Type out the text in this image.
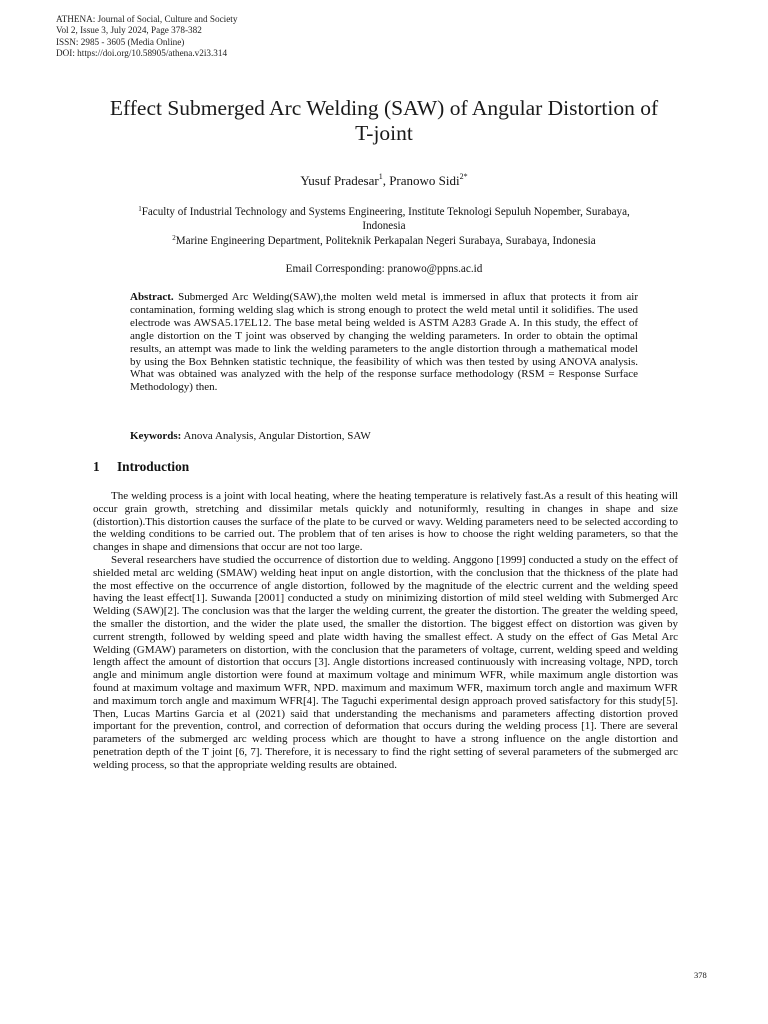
ATHENA: Journal of Social, Culture and Society
Vol 2, Issue 3, July 2024, Page 378-382
ISSN: 2985 - 3605 (Media Online)
DOI: https://doi.org/10.58905/athena.v2i3.314
Effect Submerged Arc Welding (SAW) of Angular Distortion of
T-joint
Yusuf Pradesar$^1$, Pranowo Sidi$^{2*}$
$^1$Faculty of Industrial Technology and Systems Engineering, Institute Teknologi Sepuluh Nopember, Surabaya,
Indonesia
$^2$Marine Engineering Department, Politeknik Perkapalan Negeri Surabaya, Surabaya, Indonesia
Email Corresponding: pranowo@ppns.ac.id
Abstract. Submerged Arc Welding(SAW),the molten weld metal is immersed in aflux that protects it from air contamination, forming welding slag which is strong enough to protect the weld metal until it solidifies. The used electrode was AWSA5.17EL12. The base metal being welded is ASTM A283 Grade A. In this study, the effect of angle distortion on the T joint was observed by changing the welding parameters. In order to obtain the optimal results, an attempt was made to link the welding parameters to the angle distortion through a mathematical model by using the Box Behnken statistic technique, the feasibility of which was then tested by using ANOVA analysis. What was obtained was analyzed with the help of the response surface methodology (RSM = Response Surface Methodology) then.
Keywords: Anova Analysis, Angular Distortion, SAW
1 Introduction

The welding process is a joint with local heating, where the heating temperature is relatively fast.As a result of this heating will occur grain growth, stretching and dissimilar metals quickly and notuniformly, resulting in changes in shape and size (distortion).This distortion causes the surface of the plate to be curved or wavy. Welding parameters need to be selected according to the welding conditions to be carried out. The problem that of ten arises is how to choose the right welding parameters, so that the changes in shape and dimensions that occur are not too large.

Several researchers have studied the occurrence of distortion due to welding. Anggono [1999] conducted a study on the effect of shielded metal arc welding (SMAW) welding heat input on angle distortion, with the conclusion that the thickness of the plate had the most effective on the occurrence of angle distortion, followed by the magnitude of the electric current and the welding speed having the least effect[1]. Suwanda [2001] conducted a study on minimizing distortion of mild steel welding with Submerged Arc Welding (SAW)[2]. The conclusion was that the larger the welding current, the greater the distortion. The greater the welding speed, the smaller the distortion, and the wider the plate used, the smaller the distortion. The biggest effect on distortion was given by current strength, followed by welding speed and plate width having the smallest effect. A study on the effect of Gas Metal Arc Welding (GMAW) parameters on distortion, with the conclusion that the parameters of voltage, current, welding speed and welding length affect the amount of distortion that occurs [3]. Angle distortions increased continuously with increasing voltage, NPD, torch angle and minimum angle distortion were found at maximum voltage and minimum WFR, while maximum angle distortion was found at maximum voltage and maximum WFR, NPD. maximum and maximum WFR, maximum torch angle and maximum WFR and maximum torch angle and maximum WFR[4]. The Taguchi experimental design approach proved satisfactory for this study[5]. Then, Lucas Martins Garcia et al (2021) said that understanding the mechanisms and parameters affecting distortion proved important for the prevention, control, and correction of deformation that occurs during the welding process [1]. There are several parameters of the submerged arc welding process which are thought to have a strong influence on the angle distortion and penetration depth of the T joint [6, 7]. Therefore, it is necessary to find the right setting of several parameters of the submerged arc welding process, so that the appropriate welding results are obtained.

378
